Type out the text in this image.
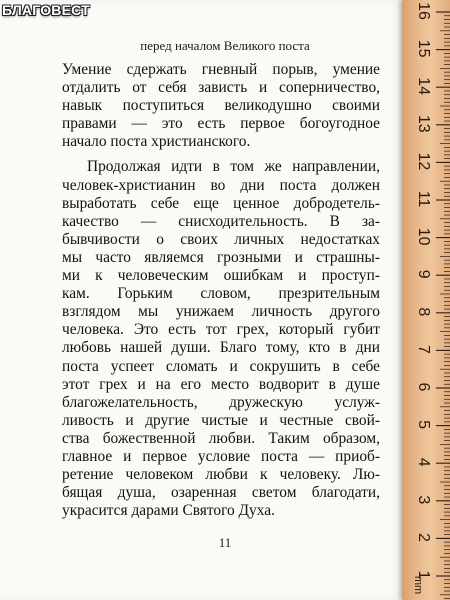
БЛАГОВЕСТ
перед началом Великого поста
Умение сдержать гневный порыв, умение
отдалить от себя зависть и соперничество,
навык поступиться великодушно своими
правами — это есть первое богоугодное
начало поста христианского.
Продолжая идти в том же направлении,
человек-христианин во дни поста должен
выработать себе еще ценное добродетель-
качество — снисходительность. В за-
бывчивости о своих личных недостатках
мы часто являемся грозными и страшны-
ми к человеческим ошибкам и проступ-
кам. Горьким словом, презрительным
взглядом мы унижаем личность другого
человека. Это есть тот грех, который губит
любовь нашей души. Благо тому, кто в дни
поста успеет сломать и сокрушить в себе
этот грех и на его место водворит в душе
благожелательность, дружескую услуж-
ливость и другие чистые и честные свой-
ства божественной любви. Таким образом,
главное и первое условие поста — приоб-
ретение человеком любви к человеку. Лю-
бящая душа, озаренная светом благодати,
украсится дарами Святого Духа.
11
16
15
14
13
12
11
10
9
8
7
6
5
4
3
2
1
mm
